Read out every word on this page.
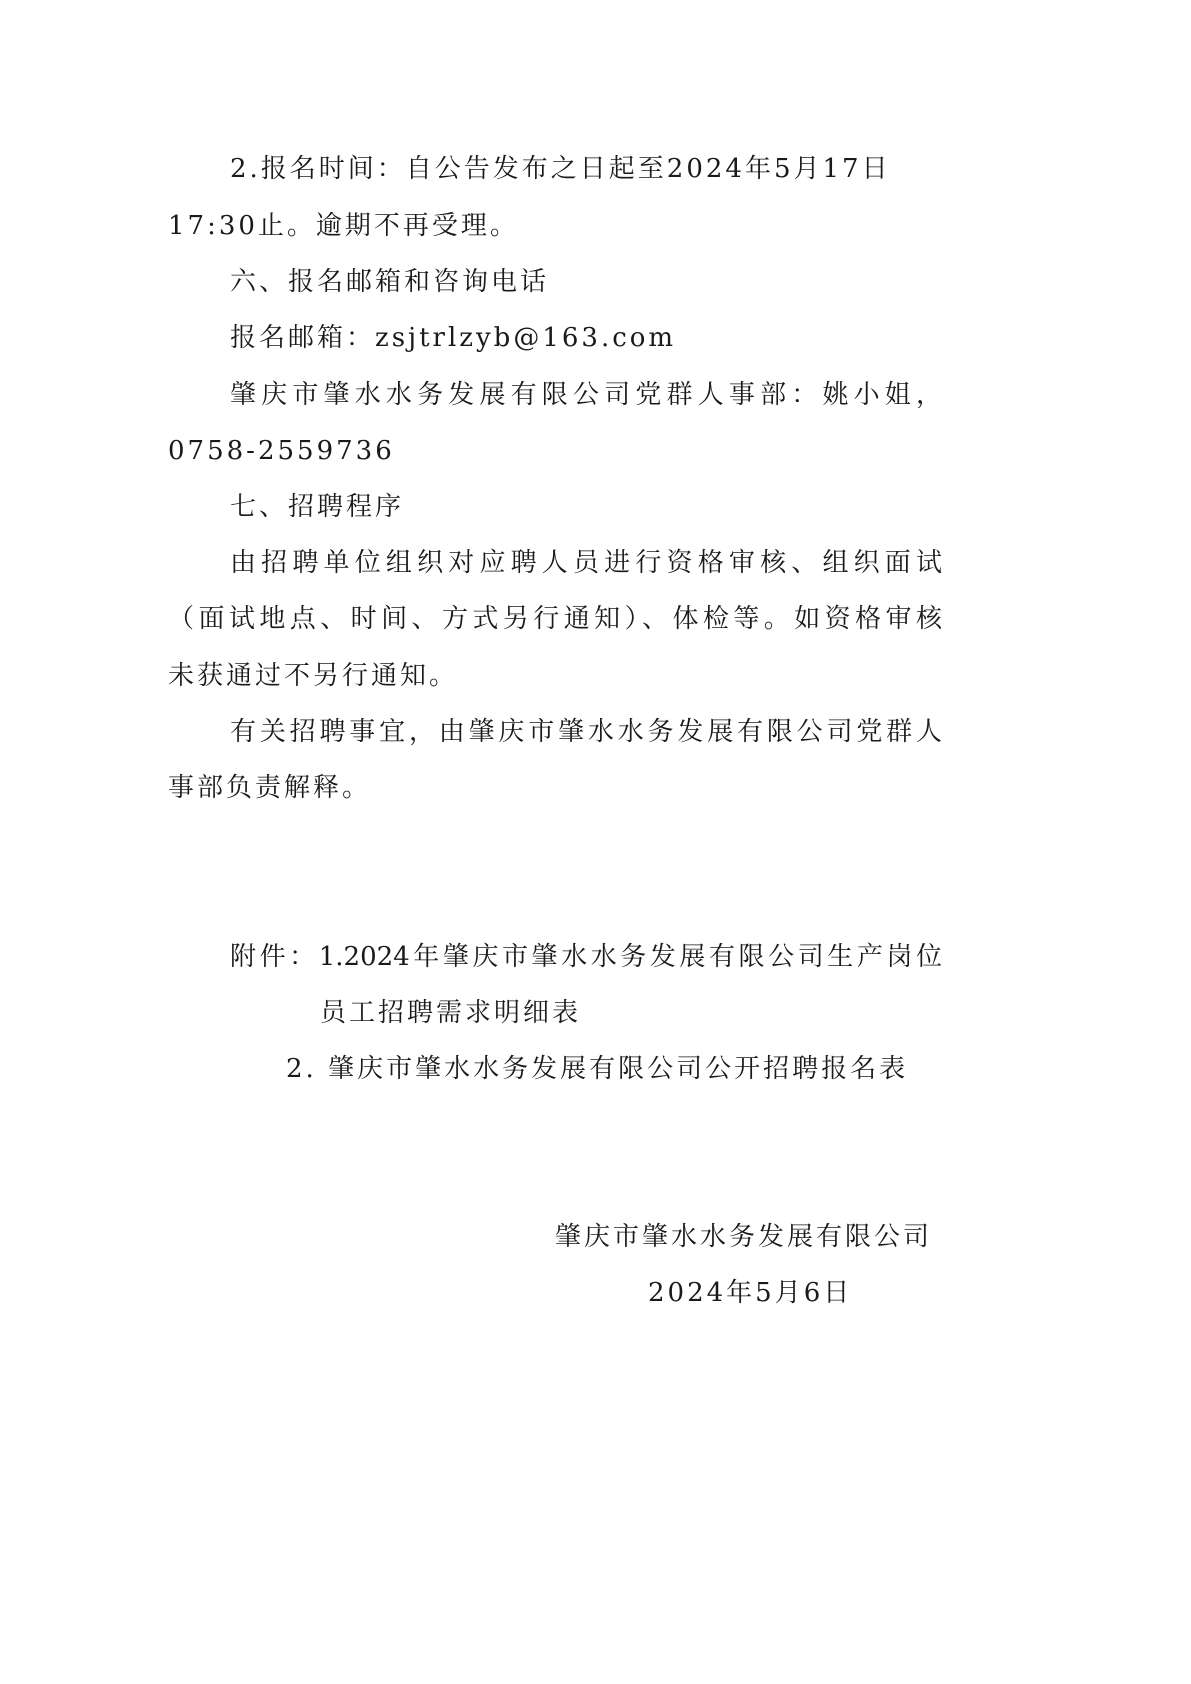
2.报名时间：自公告发布之日起至2024年5月17日
17:30止。逾期不再受理。
六、报名邮箱和咨询电话
报名邮箱：zsjtrlzyb@163.com
肇庆市肇水水务发展有限公司党群人事部：姚小姐，
0758-2559736
七、招聘程序
由招聘单位组织对应聘人员进行资格审核、组织面试
（面试地点、时间、方式另行通知）、体检等。如资格审核
未获通过不另行通知。
有关招聘事宜，由肇庆市肇水水务发展有限公司党群人
事部负责解释。
附件：1.2024年肇庆市肇水水务发展有限公司生产岗位
员工招聘需求明细表
2. 肇庆市肇水水务发展有限公司公开招聘报名表
肇庆市肇水水务发展有限公司
2024年5月6日
